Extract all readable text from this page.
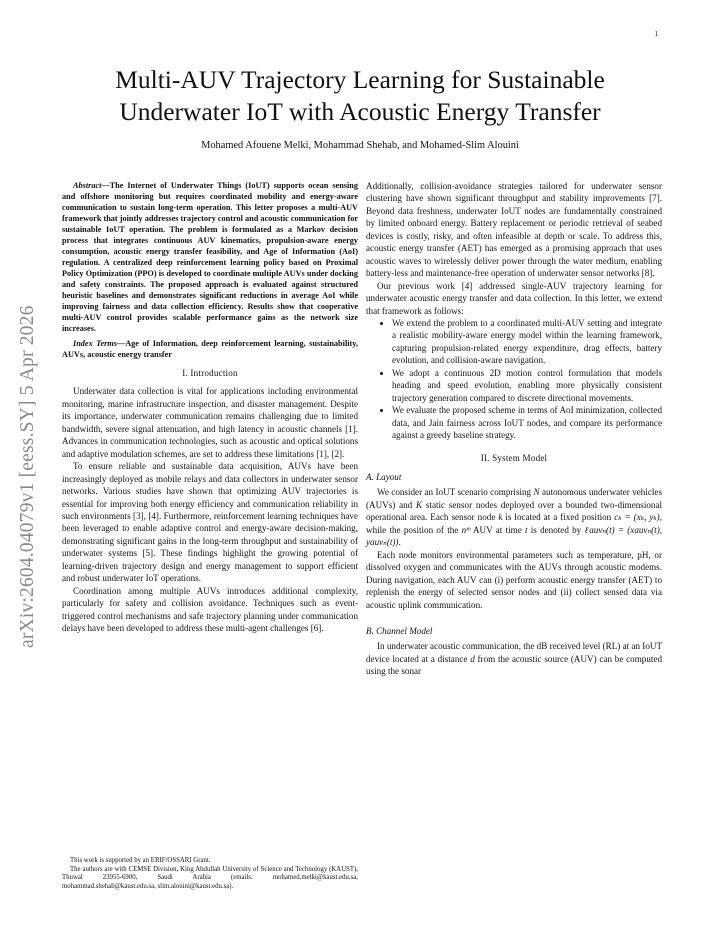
1
arXiv:2604.04079v1 [eess.SY] 5 Apr 2026
Multi-AUV Trajectory Learning for Sustainable
Underwater IoT with Acoustic Energy Transfer
Mohamed Afouene Melki, Mohammad Shehab, and Mohamed-Slim Alouini

Abstract—The Internet of Underwater Things (IoUT) supports ocean sensing and offshore monitoring but requires coordinated mobility and energy-aware communication to sustain long-term operation. This letter proposes a multi-AUV framework that jointly addresses trajectory control and acoustic communication for sustainable IoUT operation. The problem is formulated as a Markov decision process that integrates continuous AUV kinematics, propulsion-aware energy consumption, acoustic energy transfer feasibility, and Age of Information (AoI) regulation. A centralized deep reinforcement learning policy based on Proximal Policy Optimization (PPO) is developed to coordinate multiple AUVs under docking and safety constraints. The proposed approach is evaluated against structured heuristic baselines and demonstrates significant reductions in average AoI while improving fairness and data collection efficiency. Results show that cooperative multi-AUV control provides scalable performance gains as the network size increases.

Index Terms—Age of Information, deep reinforcement learning, sustainability, AUVs, acoustic energy transfer

I. Introduction

Underwater data collection is vital for applications including environmental monitoring, marine infrastructure inspection, and disaster management. Despite its importance, underwater communication remains challenging due to limited bandwidth, severe signal attenuation, and high latency in acoustic channels [1]. Advances in communication technologies, such as acoustic and optical solutions and adaptive modulation schemes, are set to address these limitations [1], [2].

To ensure reliable and sustainable data acquisition, AUVs have been increasingly deployed as mobile relays and data collectors in underwater sensor networks. Various studies have shown that optimizing AUV trajectories is essential for improving both energy efficiency and communication reliability in such environments [3], [4]. Furthermore, reinforcement learning techniques have been leveraged to enable adaptive control and energy-aware decision-making, demonstrating significant gains in the long-term throughput and sustainability of underwater systems [5]. These findings highlight the growing potential of learning-driven trajectory design and energy management to support efficient and robust underwater IoT operations.

Coordination among multiple AUVs introduces additional complexity, particularly for safety and collision avoidance. Techniques such as event-triggered control mechanisms and safe trajectory planning under communication delays have been developed to address these multi-agent challenges [6].

This work is supported by an ERIF/OSSARI Grant.

The authors are with CEMSE Division, King Abdullah University of Science and Technology (KAUST), Thuwal 23955-6900, Saudi Arabia (emails: mohamed.melki@kaust.edu.sa, mohammad.shehab@kaust.edu.sa, slim.alouini@kaust.edu.sa).

Additionally, collision-avoidance strategies tailored for underwater sensor clustering have shown significant throughput and stability improvements [7]. Beyond data freshness, underwater IoUT nodes are fundamentally constrained by limited onboard energy. Battery replacement or periodic retrieval of seabed devices is costly, risky, and often infeasible at depth or scale. To address this, acoustic energy transfer (AET) has emerged as a promising approach that uses acoustic waves to wirelessly deliver power through the water medium, enabling battery-less and maintenance-free operation of underwater sensor networks [8].

Our previous work [4] addressed single-AUV trajectory learning for underwater acoustic energy transfer and data collection. In this letter, we extend that framework as follows:

• We extend the problem to a coordinated multi-AUV setting and integrate a realistic mobility-aware energy model within the learning framework, capturing propulsion-related energy expenditure, drag effects, battery evolution, and collision-aware navigation.
• We adopt a continuous 2D motion control formulation that models heading and speed evolution, enabling more physically consistent trajectory generation compared to discrete directional movements.
• We evaluate the proposed scheme in terms of AoI minimization, collected data, and Jain fairness across IoUT nodes, and compare its performance against a greedy baseline strategy.
II. System Model
A. Layout

We consider an IoUT scenario comprising N autonomous underwater vehicles (AUVs) and K static sensor nodes deployed over a bounded two-dimensional operational area. Each sensor node k is located at a fixed position cₖ = (xₖ, yₖ), while the position of the nᵗʰ AUV at time t is denoted by ℓauvₙ(t) = (xauvₙ(t), yauvₙ(t)).

Each node monitors environmental parameters such as temperature, pH, or dissolved oxygen and communicates with the AUVs through acoustic modems. During navigation, each AUV can (i) perform acoustic energy transfer (AET) to replenish the energy of selected sensor nodes and (ii) collect sensed data via acoustic uplink communication.

B. Channel Model

In underwater acoustic communication, the dB received level (RL) at an IoUT device located at a distance d from the acoustic source (AUV) can be computed using the sonar
